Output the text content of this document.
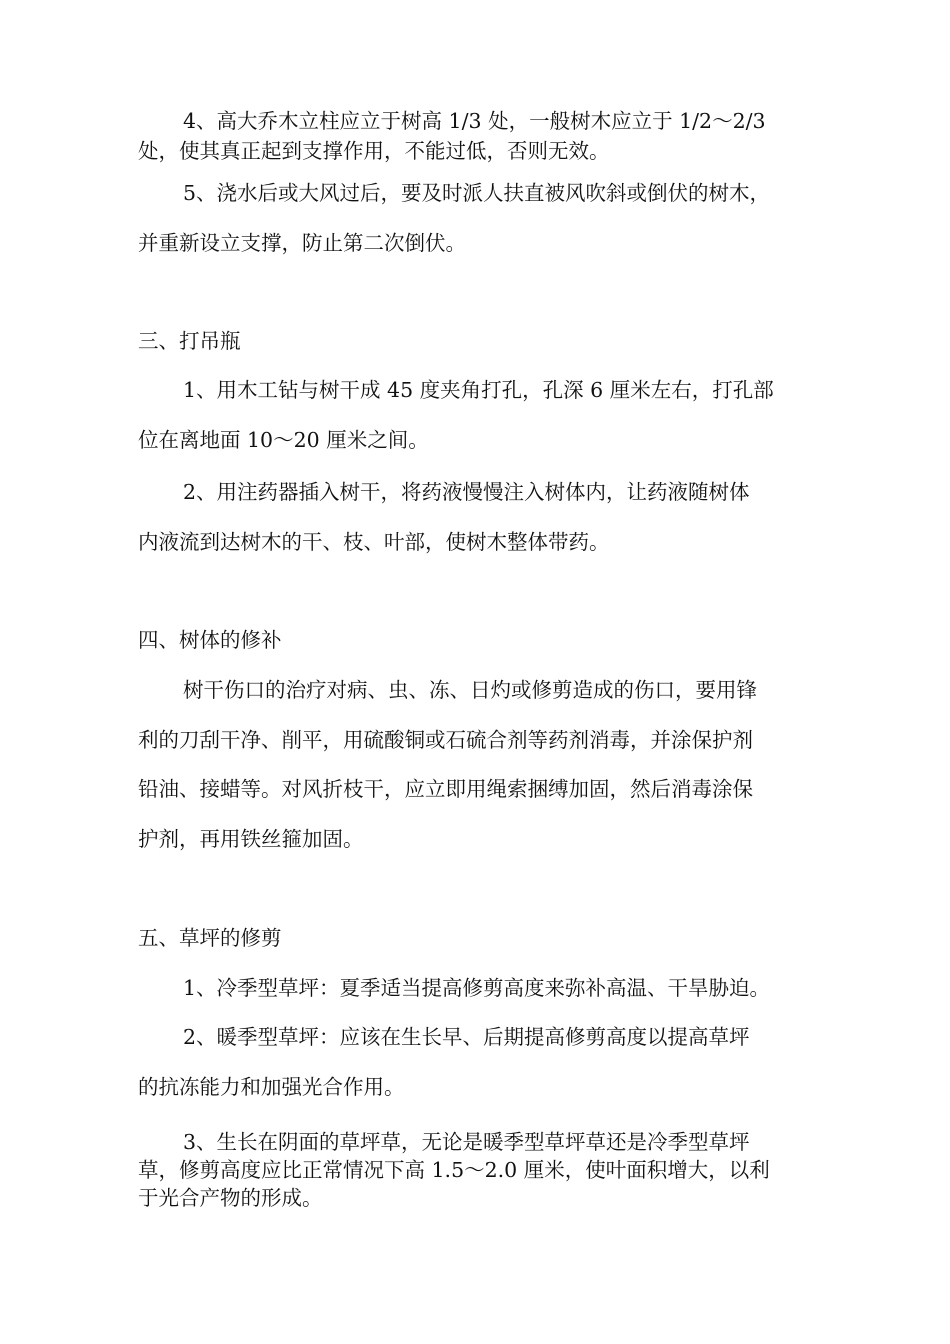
4、高大乔木立柱应立于树高 1/3 处，一般树木应立于 1/2～2/3
处，使其真正起到支撑作用，不能过低，否则无效。
5、浇水后或大风过后，要及时派人扶直被风吹斜或倒伏的树木，
并重新设立支撑，防止第二次倒伏。
三、打吊瓶
1、用木工钻与树干成 45 度夹角打孔，孔深 6 厘米左右，打孔部
位在离地面 10～20 厘米之间。
2、用注药器插入树干，将药液慢慢注入树体内，让药液随树体
内液流到达树木的干、枝、叶部，使树木整体带药。
四、树体的修补
树干伤口的治疗对病、虫、冻、日灼或修剪造成的伤口，要用锋
利的刀刮干净、削平，用硫酸铜或石硫合剂等药剂消毒，并涂保护剂
铅油、接蜡等。对风折枝干，应立即用绳索捆缚加固，然后消毒涂保
护剂，再用铁丝箍加固。
五、草坪的修剪
1、冷季型草坪：夏季适当提高修剪高度来弥补高温、干旱胁迫。
2、暖季型草坪：应该在生长早、后期提高修剪高度以提高草坪
的抗冻能力和加强光合作用。
3、生长在阴面的草坪草，无论是暖季型草坪草还是冷季型草坪
草，修剪高度应比正常情况下高 1.5～2.0 厘米，使叶面积增大，以利
于光合产物的形成。
